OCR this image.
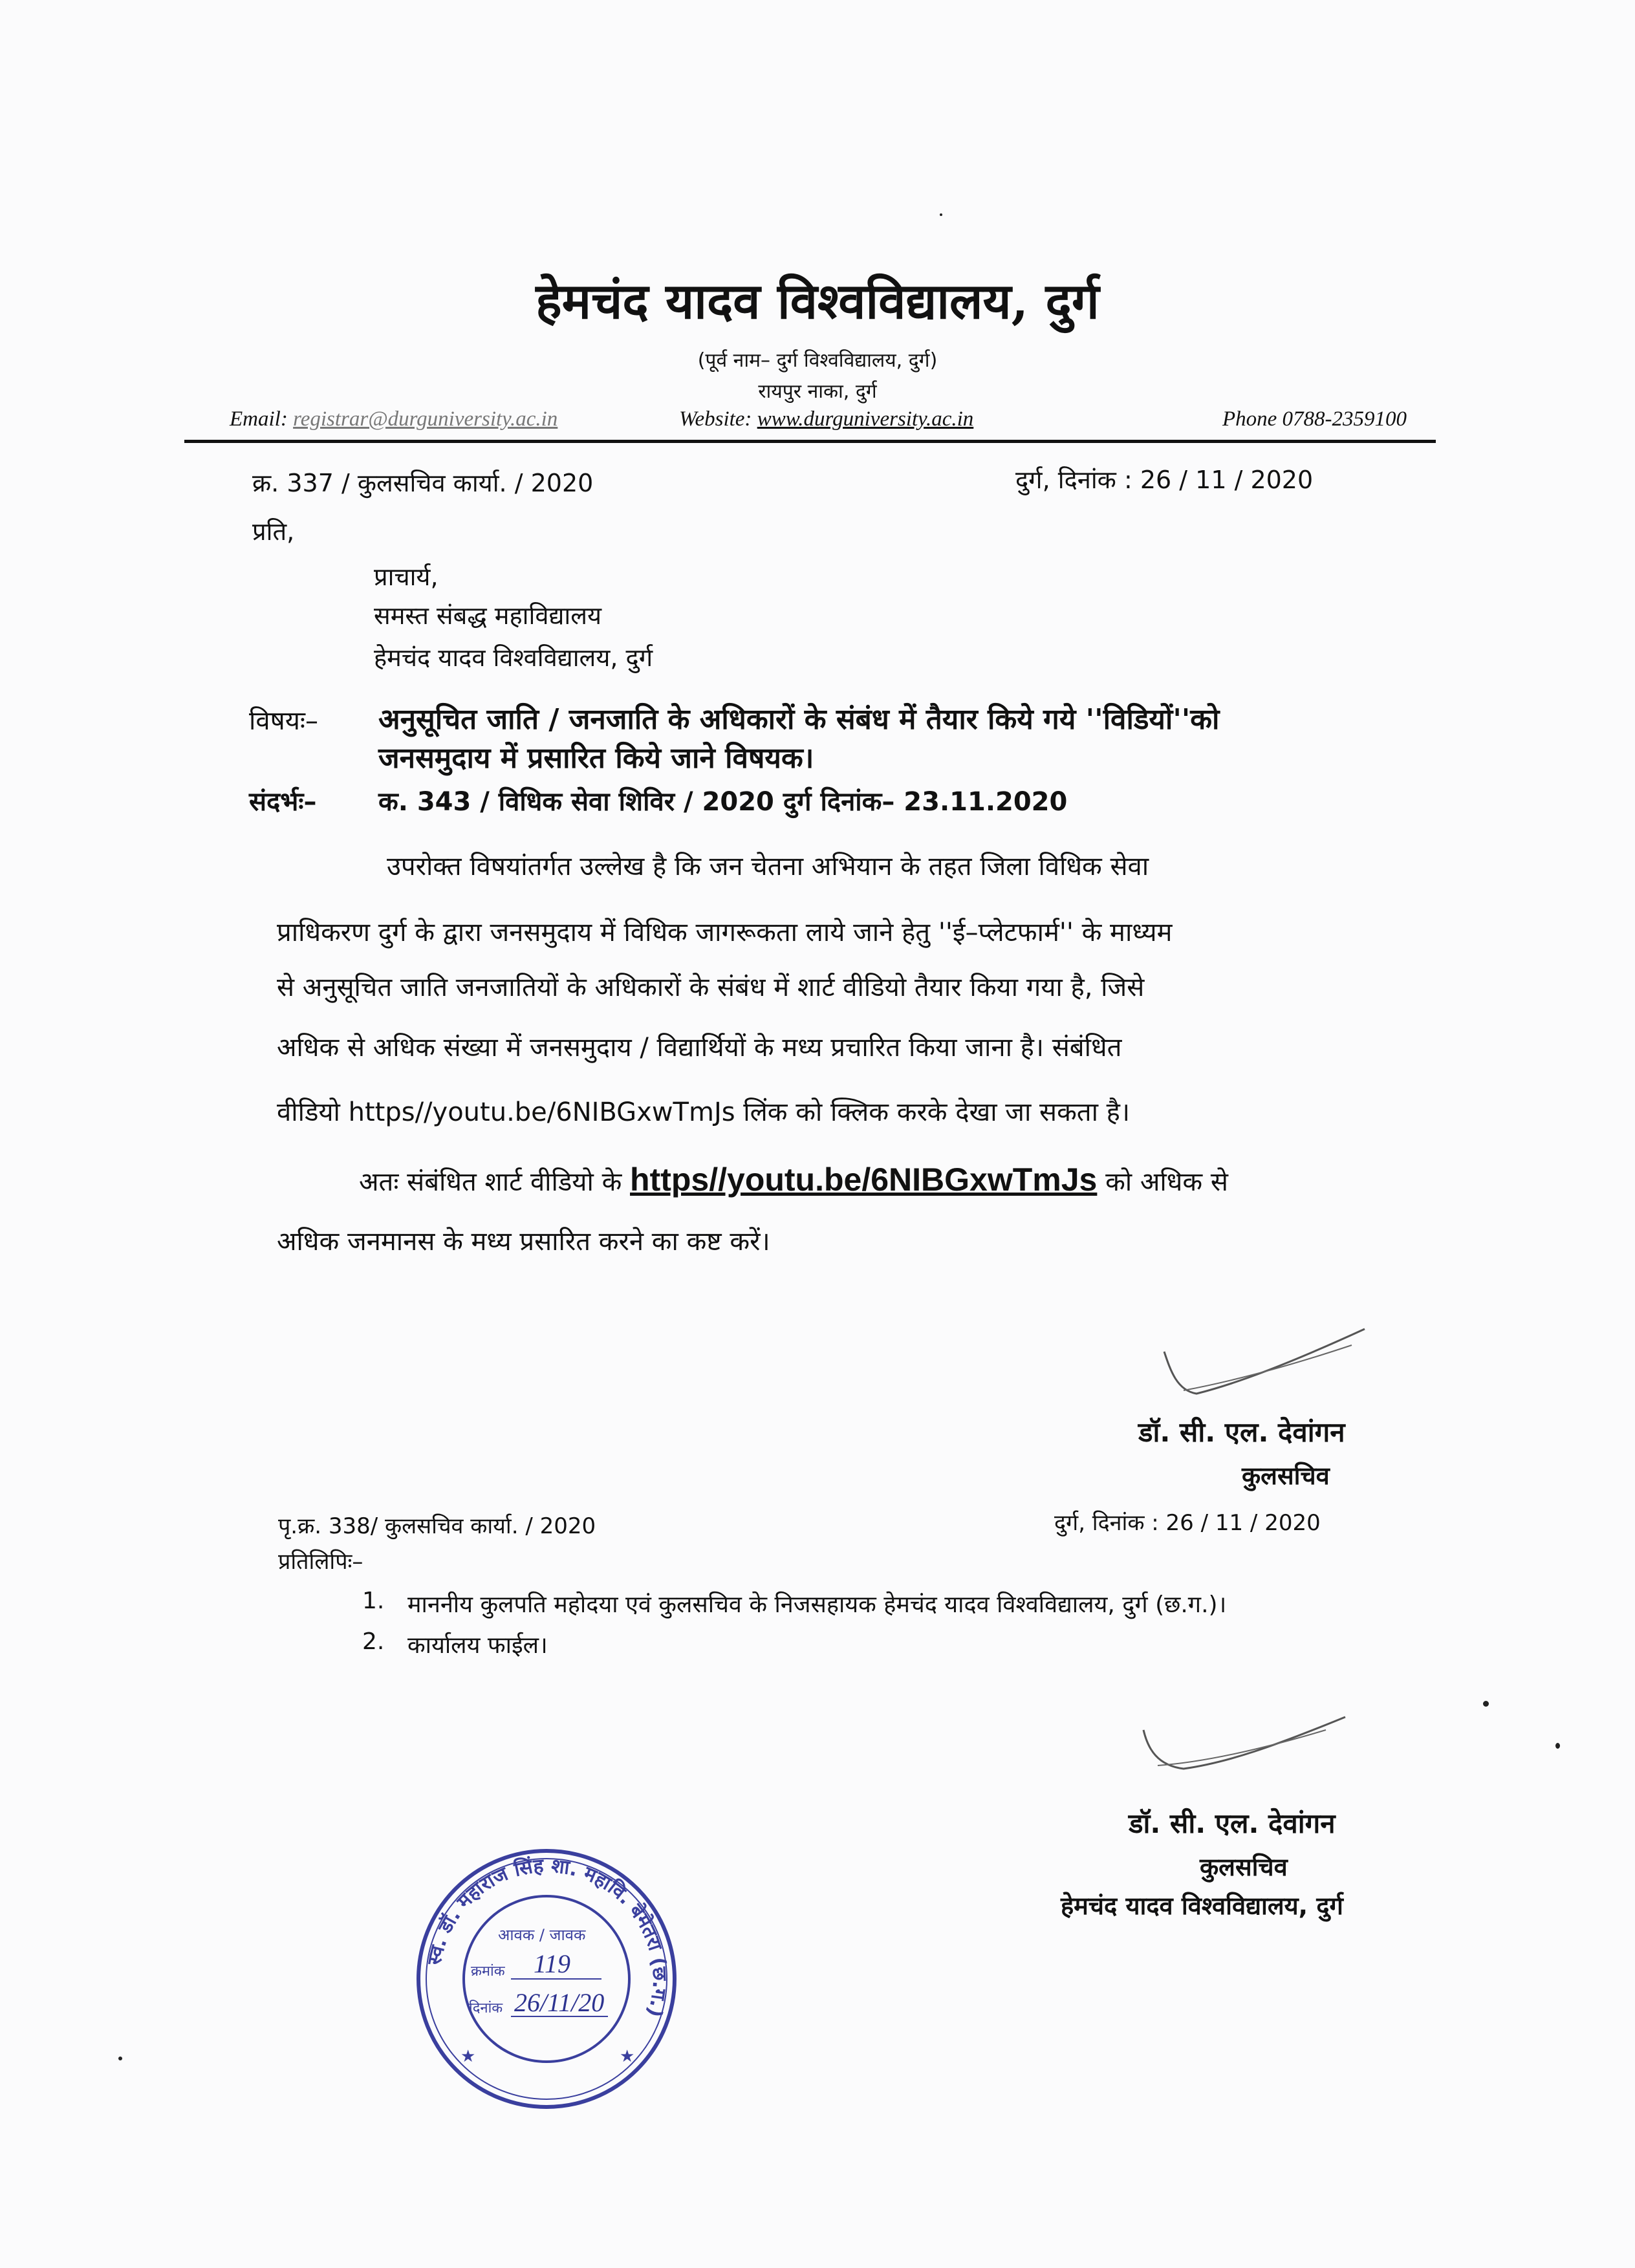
हेमचंद यादव विश्वविद्यालय, दुर्ग
(पूर्व नाम– दुर्ग विश्वविद्यालय, दुर्ग)
रायपुर नाका, दुर्ग
Email: registrar@durguniversity.ac.in	Website: www.durguniversity.ac.in	Phone 0788-2359100
क्र. 337 / कुलसचिव कार्या. / 2020	दुर्ग, दिनांक : 26 / 11 / 2020
प्रति,
प्राचार्य,
समस्त संबद्ध महाविद्यालय
हेमचंद यादव विश्वविद्यालय, दुर्ग
विषयः– अनुसूचित जाति / जनजाति के अधिकारों के संबंध में तैयार किये गये ''विडियों''को
जनसमुदाय में प्रसारित किये जाने विषयक।
संदर्भः– क. 343 / विधिक सेवा शिविर / 2020 दुर्ग दिनांक– 23.11.2020
उपरोक्त विषयांतर्गत उल्लेख है कि जन चेतना अभियान के तहत जिला विधिक सेवा
प्राधिकरण दुर्ग के द्वारा जनसमुदाय में विधिक जागरूकता लाये जाने हेतु ''ई–प्लेटफार्म'' के माध्यम
से अनुसूचित जाति जनजातियों के अधिकारों के संबंध में शार्ट वीडियो तैयार किया गया है, जिसे
अधिक से अधिक संख्या में जनसमुदाय / विद्यार्थियों के मध्य प्रचारित किया जाना है। संबंधित
वीडियो https//youtu.be/6NIBGxwTmJs लिंक को क्लिक करके देखा जा सकता है।
अतः संबंधित शार्ट वीडियो के https//youtu.be/6NIBGxwTmJs को अधिक से
अधिक जनमानस के मध्य प्रसारित करने का कष्ट करें।
डॉ. सी. एल. देवांगन
कुलसचिव
पृ.क्र. 338/ कुलसचिव कार्या. / 2020	दुर्ग, दिनांक : 26 / 11 / 2020
प्रतिलिपिः–
1. माननीय कुलपति महोदया एवं कुलसचिव के निजसहायक हेमचंद यादव विश्वविद्यालय, दुर्ग (छ.ग.)।
2. कार्यालय फाईल।
डॉ. सी. एल. देवांगन
कुलसचिव
हेमचंद यादव विश्वविद्यालय, दुर्ग
स्व. डॉ. महाराज सिंह शा. महावि. बेमेतरा (छ.ग.)
आवक / जावक
क्रमांक 119
दिनांक 26/11/20
★	★
